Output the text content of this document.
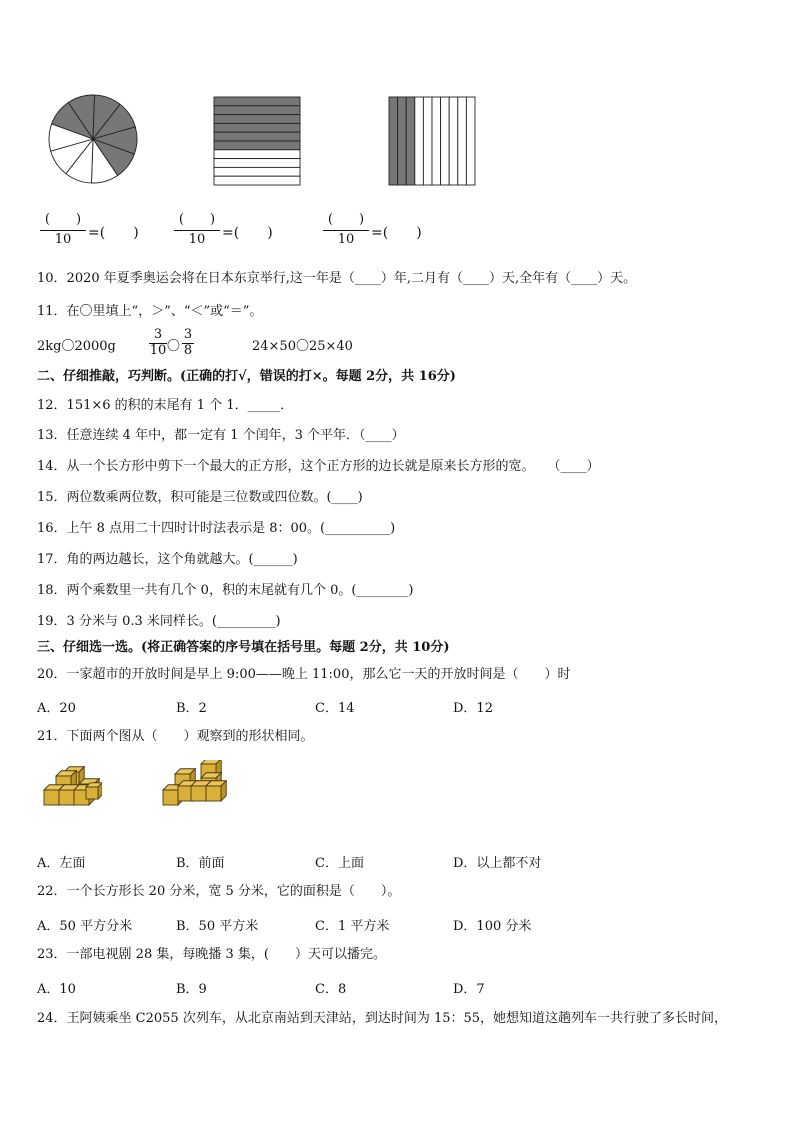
(　　)
10	=(　　)
(　　)
10	=(　　)
(　　)
10	=(　　)
10．2020 年夏季奥运会将在日本东京举行,这一年是（____）年,二月有（____）天,全年有（____）天。
11．在〇里填上“，＞”、“＜”或“＝”。
2kg〇2000g
3
10 〇
3
8	24×50〇25×40
二、仔细推敲，巧判断。(正确的打√，错误的打×。每题 2分，共 16分)
12．151×6 的积的末尾有 1 个 1．_____．
13．任意连续 4 年中，都一定有 1 个闰年，3 个平年．（____）
14．从一个长方形中剪下一个最大的正方形，这个正方形的边长就是原来长方形的宽。　　（____）
15．两位数乘两位数，积可能是三位数或四位数。(____)
16．上午 8 点用二十四时计时法表示是 8：00。(__________)
17．角的两边越长，这个角就越大。(______)
18．两个乘数里一共有几个 0，积的末尾就有几个 0。(________)
19．3 分米与 0.3 米同样长。(_________)
三、仔细选一选。(将正确答案的序号填在括号里。每题 2分，共 10分)
20．一家超市的开放时间是早上 9:00——晚上 11:00，那么它一天的开放时间是（　　）时
A．20	B．2	C．14	D．12
21．下面两个图从（　　）观察到的形状相同。
A．左面	B．前面	C．上面	D．以上都不对
22．一个长方形长 20 分米，宽 5 分米，它的面积是（　　）。
A．50 平方分米	B．50 平方米	C．1 平方米	D．100 分米
23．一部电视剧 28 集，每晚播 3 集，(　　）天可以播完。
A．10	B．9	C．8	D．7
24．王阿姨乘坐 C2055 次列车，从北京南站到天津站，到达时间为 15：55，她想知道这趟列车一共行驶了多长时间，
